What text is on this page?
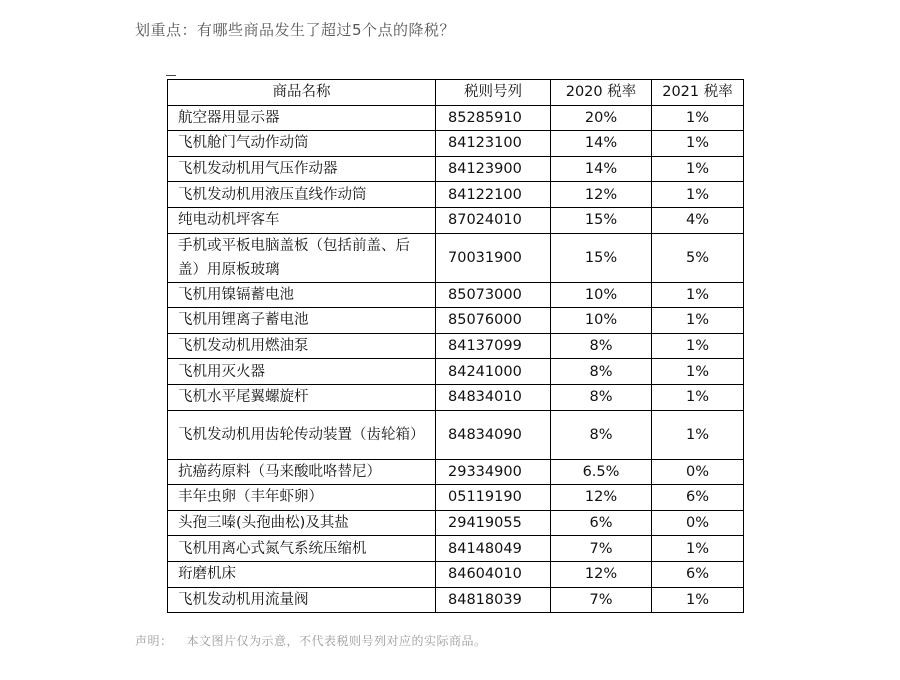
划重点：有哪些商品发生了超过5个点的降税？
商品名称	税则号列	2020 税率	2021 税率
航空器用显示器	85285910	20%	1%
飞机舱门气动作动筒	84123100	14%	1%
飞机发动机用气压作动器	84123900	14%	1%
飞机发动机用液压直线作动筒	84122100	12%	1%
纯电动机坪客车	87024010	15%	4%
手机或平板电脑盖板（包括前盖、后盖）用原板玻璃	70031900	15%	5%
飞机用镍镉蓄电池	85073000	10%	1%
飞机用锂离子蓄电池	85076000	10%	1%
飞机发动机用燃油泵	84137099	8%	1%
飞机用灭火器	84241000	8%	1%
飞机水平尾翼螺旋杆	84834010	8%	1%
飞机发动机用齿轮传动装置（齿轮箱）	84834090	8%	1%
抗癌药原料（马来酸吡咯替尼）	29334900	6.5%	0%
丰年虫卵（丰年虾卵）	05119190	12%	6%
头孢三嗪(头孢曲松)及其盐	29419055	6%	0%
飞机用离心式氮气系统压缩机	84148049	7%	1%
珩磨机床	84604010	12%	6%
飞机发动机用流量阀	84818039	7%	1%
声明： 本文图片仅为示意，不代表税则号列对应的实际商品。
